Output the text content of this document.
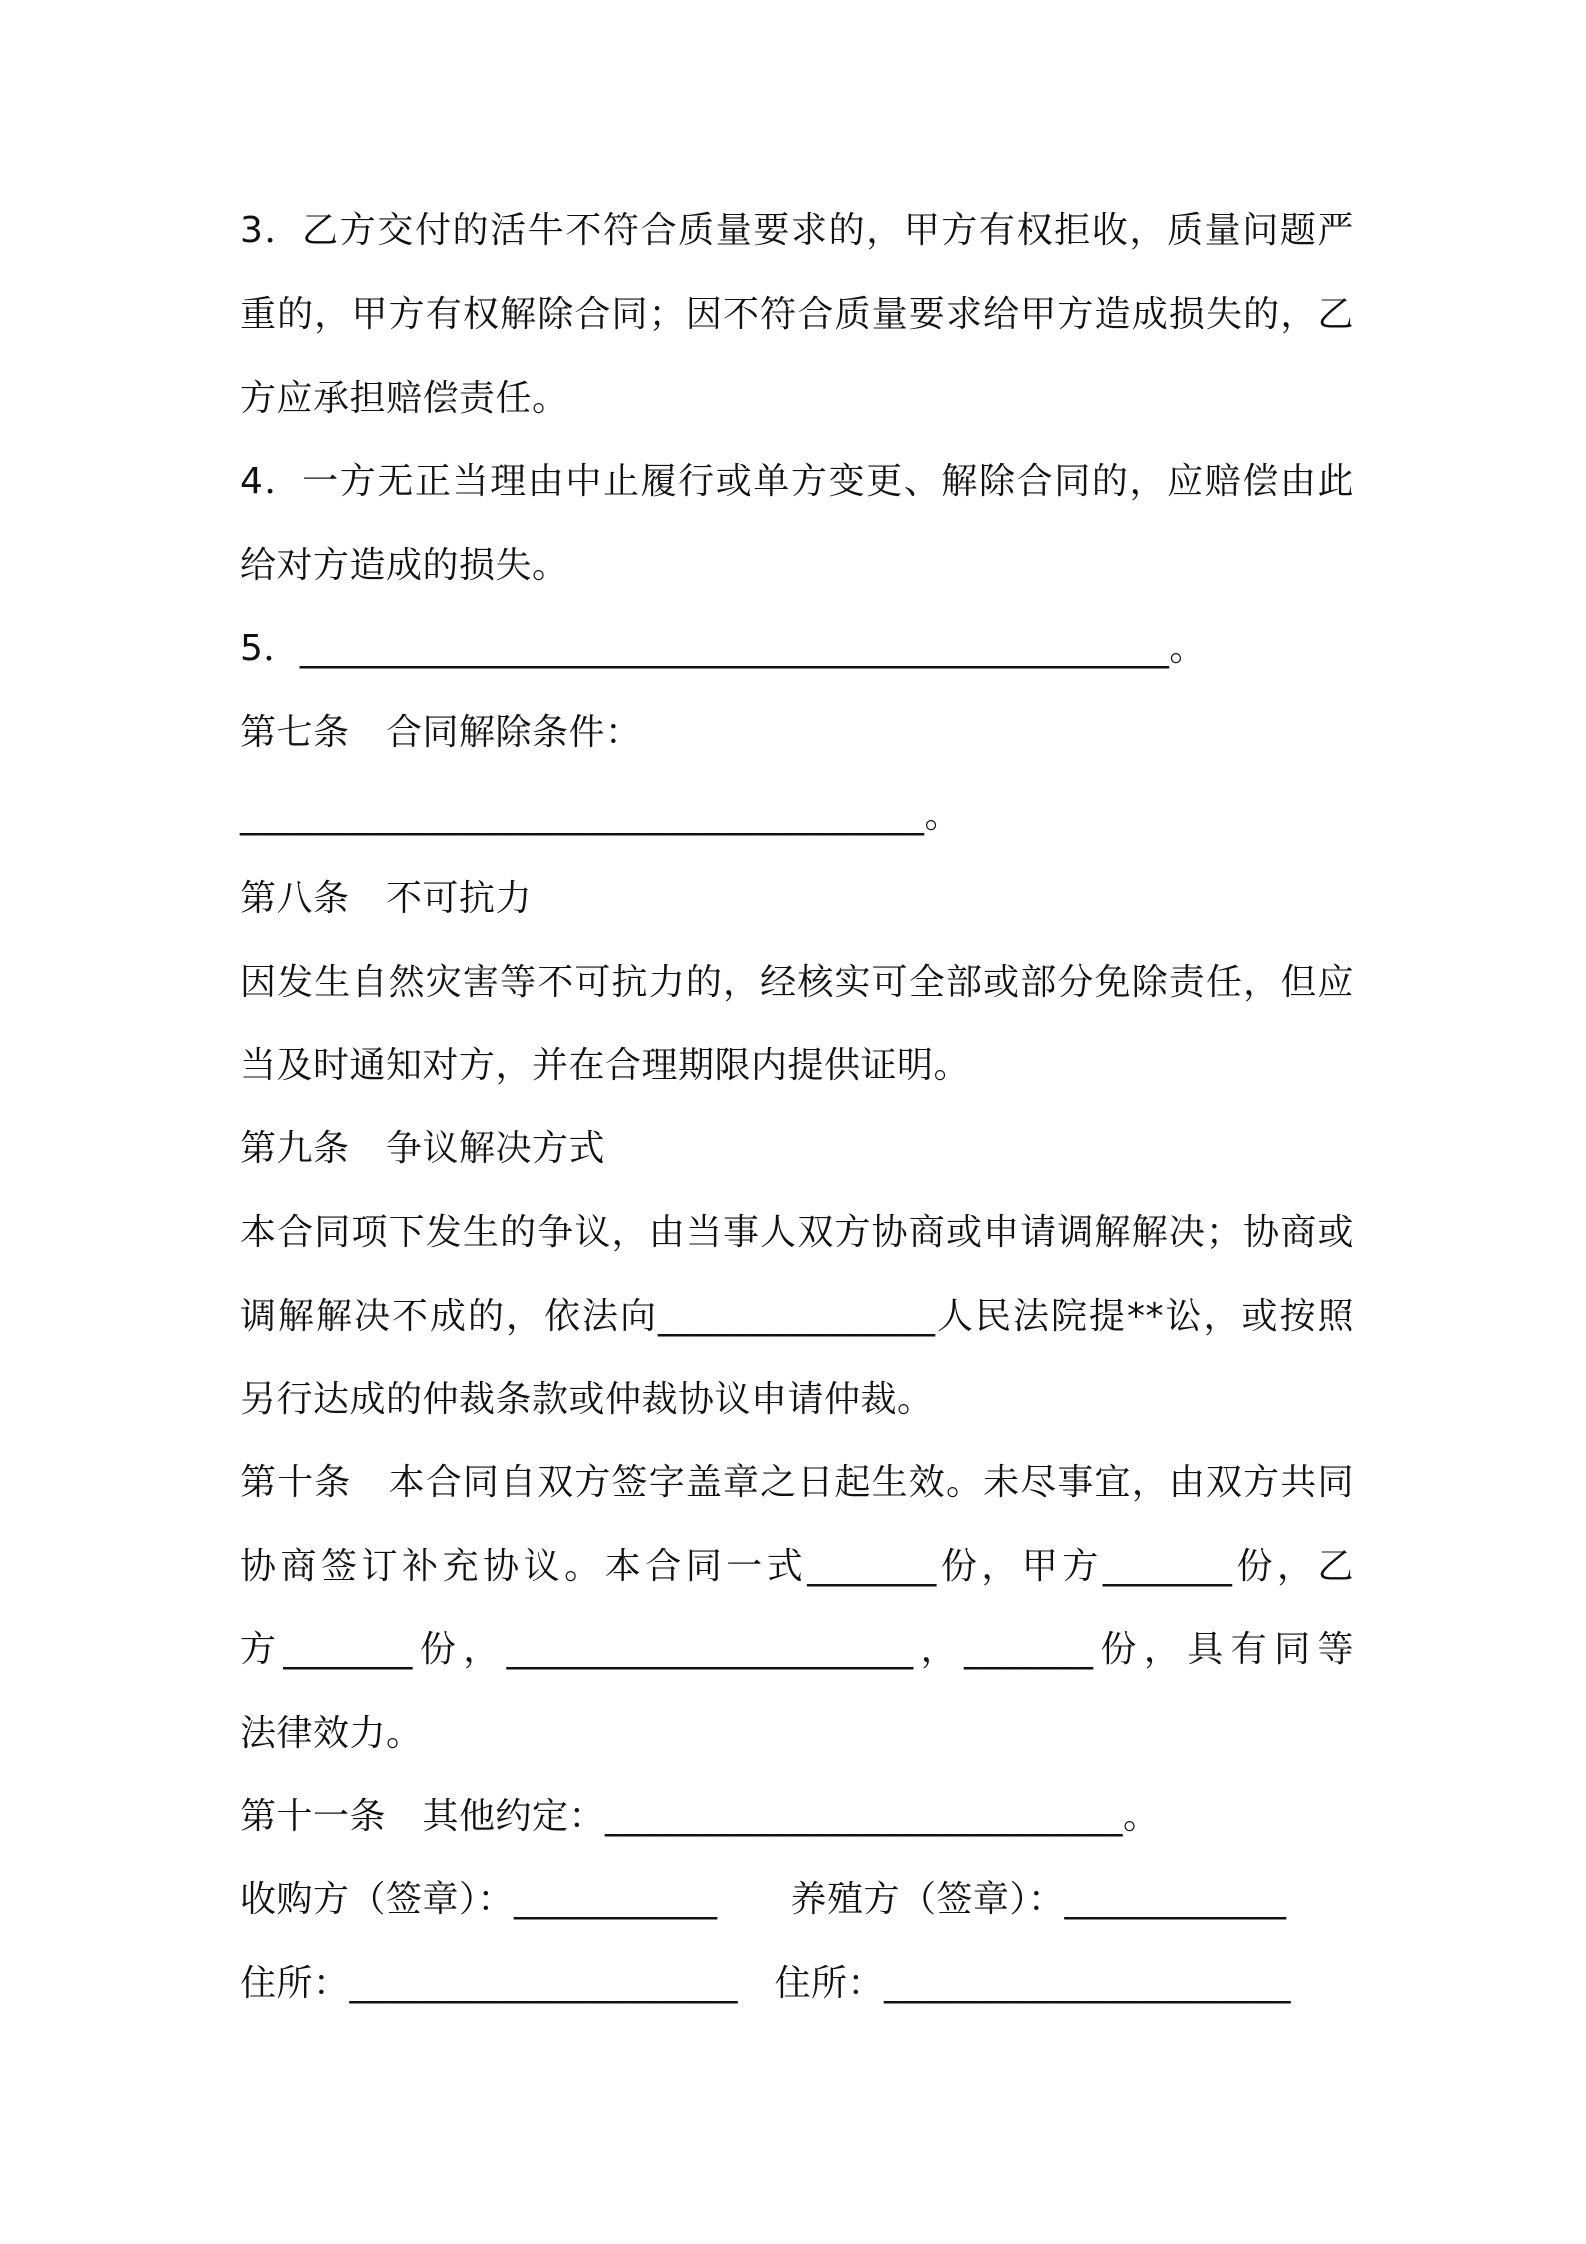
3．乙方交付的活牛不符合质量要求的，甲方有权拒收，质量问题严
重的，甲方有权解除合同；因不符合质量要求给甲方造成损失的，乙
方应承担赔偿责任。
4．一方无正当理由中止履行或单方变更、解除合同的，应赔偿由此
给对方造成的损失。
5．_______________________________________________。
第七条　合同解除条件：
_____________________________________。
第八条　不可抗力
因发生自然灾害等不可抗力的，经核实可全部或部分免除责任，但应
当及时通知对方，并在合理期限内提供证明。
第九条　争议解决方式
本合同项下发生的争议，由当事人双方协商或申请调解解决；协商或
调解解决不成的，依法向_______________人民法院提**讼，或按照
另行达成的仲裁条款或仲裁协议申请仲裁。
第十条　本合同自双方签字盖章之日起生效。未尽事宜，由双方共同
协商签订补充协议。本合同一式_______份，甲方_______份，乙
方_______份，______________________，_______份，具有同等
法律效力。
第十一条　其他约定：____________________________。
收购方（签章）：___________　　养殖方（签章）：____________
住所：_____________________　住所：______________________
